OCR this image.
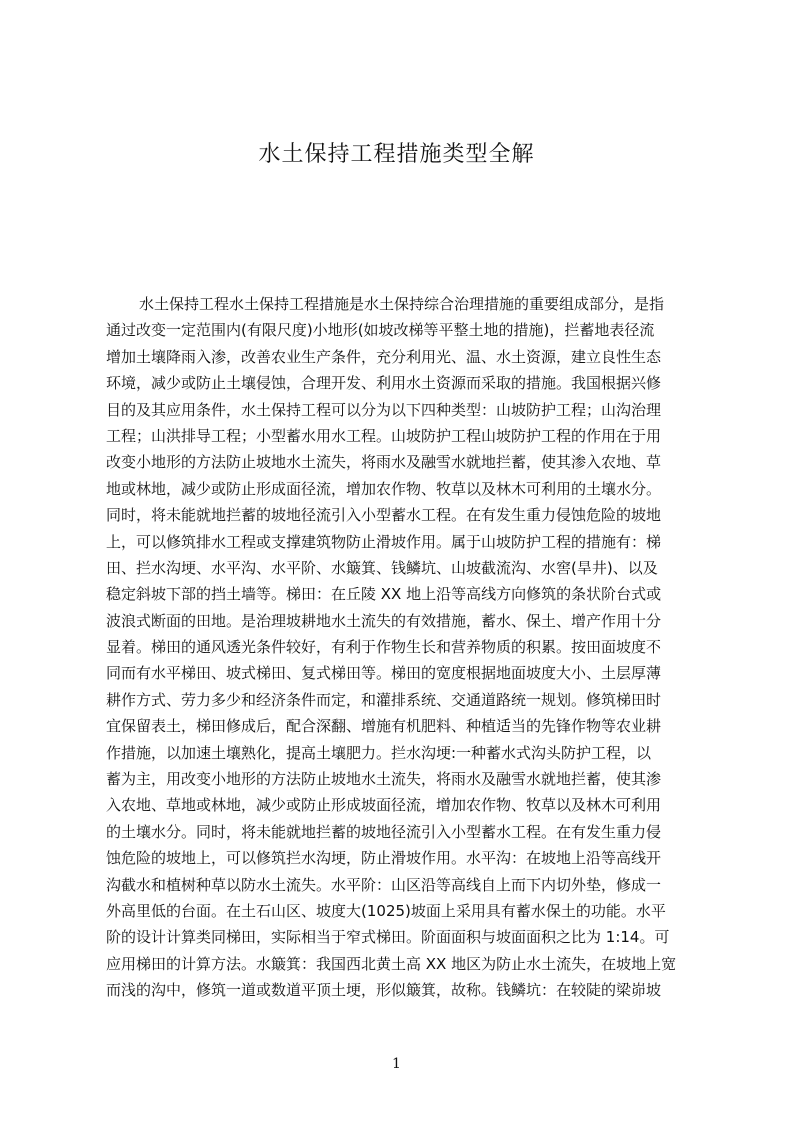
水土保持工程措施类型全解
水土保持工程水土保持工程措施是水土保持综合治理措施的重要组成部分，是指
通过改变一定范围内(有限尺度)小地形(如坡改梯等平整土地的措施)，拦蓄地表径流
增加土壤降雨入渗，改善农业生产条件，充分利用光、温、水土资源，建立良性生态
环境，减少或防止土壤侵蚀，合理开发、利用水土资源而采取的措施。我国根据兴修
目的及其应用条件，水土保持工程可以分为以下四种类型：山坡防护工程；山沟治理
工程；山洪排导工程；小型蓄水用水工程。山坡防护工程山坡防护工程的作用在于用
改变小地形的方法防止坡地水土流失，将雨水及融雪水就地拦蓄，使其渗入农地、草
地或林地，减少或防止形成面径流，增加农作物、牧草以及林木可利用的土壤水分。
同时，将未能就地拦蓄的坡地径流引入小型蓄水工程。在有发生重力侵蚀危险的坡地
上，可以修筑排水工程或支撑建筑物防止滑坡作用。属于山坡防护工程的措施有：梯
田、拦水沟埂、水平沟、水平阶、水簸箕、钱鳞坑、山坡截流沟、水窖(旱井)、以及
稳定斜坡下部的挡土墙等。梯田：在丘陵 XX 地上沿等高线方向修筑的条状阶台式或
波浪式断面的田地。是治理坡耕地水土流失的有效措施，蓄水、保土、增产作用十分
显着。梯田的通风透光条件较好，有利于作物生长和营养物质的积累。按田面坡度不
同而有水平梯田、坡式梯田、复式梯田等。梯田的宽度根据地面坡度大小、土层厚薄
耕作方式、劳力多少和经济条件而定，和灌排系统、交通道路统一规划。修筑梯田时
宜保留表土，梯田修成后，配合深翻、增施有机肥料、种植适当的先锋作物等农业耕
作措施，以加速土壤熟化，提高土壤肥力。拦水沟埂:一种蓄水式沟头防护工程，以
蓄为主，用改变小地形的方法防止坡地水土流失，将雨水及融雪水就地拦蓄，使其渗
入农地、草地或林地，减少或防止形成坡面径流，增加农作物、牧草以及林木可利用
的土壤水分。同时，将未能就地拦蓄的坡地径流引入小型蓄水工程。在有发生重力侵
蚀危险的坡地上，可以修筑拦水沟埂，防止滑坡作用。水平沟：在坡地上沿等高线开
沟截水和植树种草以防水土流失。水平阶：山区沿等高线自上而下内切外垫，修成一
外高里低的台面。在土石山区、坡度大(1025)坡面上采用具有蓄水保土的功能。水平
阶的设计计算类同梯田，实际相当于窄式梯田。阶面面积与坡面面积之比为 1:14。可
应用梯田的计算方法。水簸箕：我国西北黄土高 XX 地区为防止水土流失，在坡地上宽
而浅的沟中，修筑一道或数道平顶土埂，形似簸箕，故称。钱鳞坑：在较陡的梁峁坡
1
